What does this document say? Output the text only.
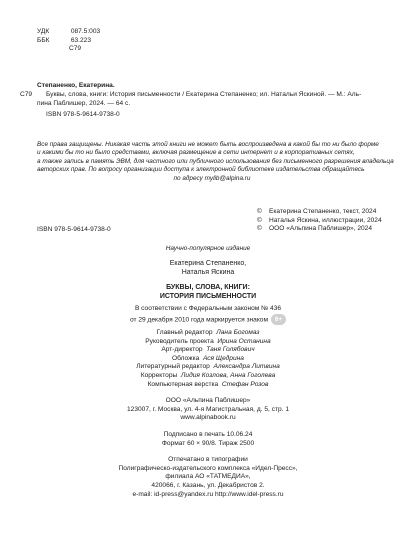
УДК	087.5:003
ББК	63.223
С79
Степаненко, Екатерина.
С79 Буквы, слова, книги: История письменности / Екатерина Степаненко; ил. Натальи Яскиной. — М.: Аль-
пина Паблишер, 2024. — 64 с.
ISBN 978-5-9614-9738-0
Все права защищены. Никакая часть этой книги не может быть воспроизведена в какой бы то ни было форме
и какими бы то ни было средствами, включая размещение в сети интернет и в корпоративных сетях,
а также запись в память ЭВМ, для частного или публичного использования без письменного разрешения владельца
авторских прав. По вопросу организации доступа к электронной библиотеке издательства обращайтесь
по адресу mylib@alpina.ru
© Екатерина Степаненко, текст, 2024
© Наталья Яскина, иллюстрации, 2024
© ООО «Альпина Паблишер», 2024
ISBN 978-5-9614-9738-0
Научно-популярное издание
Екатерина Степаненко,
Наталья Яскина
БУКВЫ, СЛОВА, КНИГИ:
ИСТОРИЯ ПИСЬМЕННОСТИ
В соответствии с Федеральным законом № 436
от 29 декабря 2010 года маркируется знаком 6+
Главный редактор Лана Богомаз
Руководитель проекта Ирина Останина
Арт-директор Таня Голябович
Обложка Ася Щедрина
Литературный редактор Александра Литвина
Корректоры Лидия Козлова, Анна Гоголева
Компьютерная верстка Стефан Розов
ООО «Альпина Паблишер»
123007, г. Москва, ул. 4-я Магистральная, д. 5, стр. 1
www.alpinabook.ru
Подписано в печать 10.06.24
Формат 60 × 90/8. Тираж 2500
Отпечатано в типографии
Полиграфическо-издательского комплекса «Идел-Пресс»,
филиала АО «ТАТМЕДИА»,
420066, г. Казань, ул. Декабристов 2.
e-mail: id-press@yandex.ru http://www.idel-press.ru
